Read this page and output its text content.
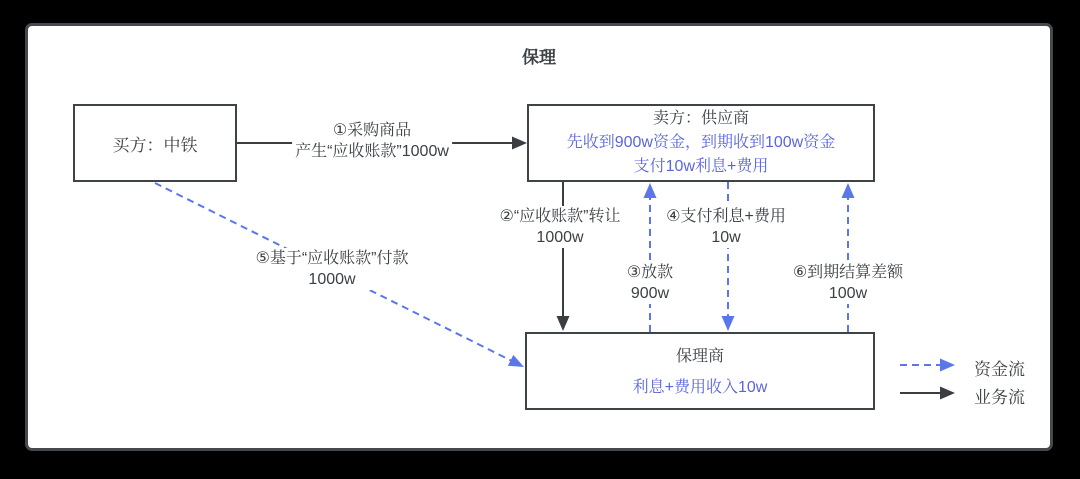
保理
买方：中铁
卖方：供应商
先收到900w资金，到期收到100w资金
支付10w利息+费用
保理商
利息+费用收入10w
①采购商品
产生“应收账款”1000w
②“应收账款”转让
1000w
③放款
900w
④支付利息+费用
10w
⑤基于“应收账款”付款
1000w	⑥到期结算差额
100w
资金流
业务流
